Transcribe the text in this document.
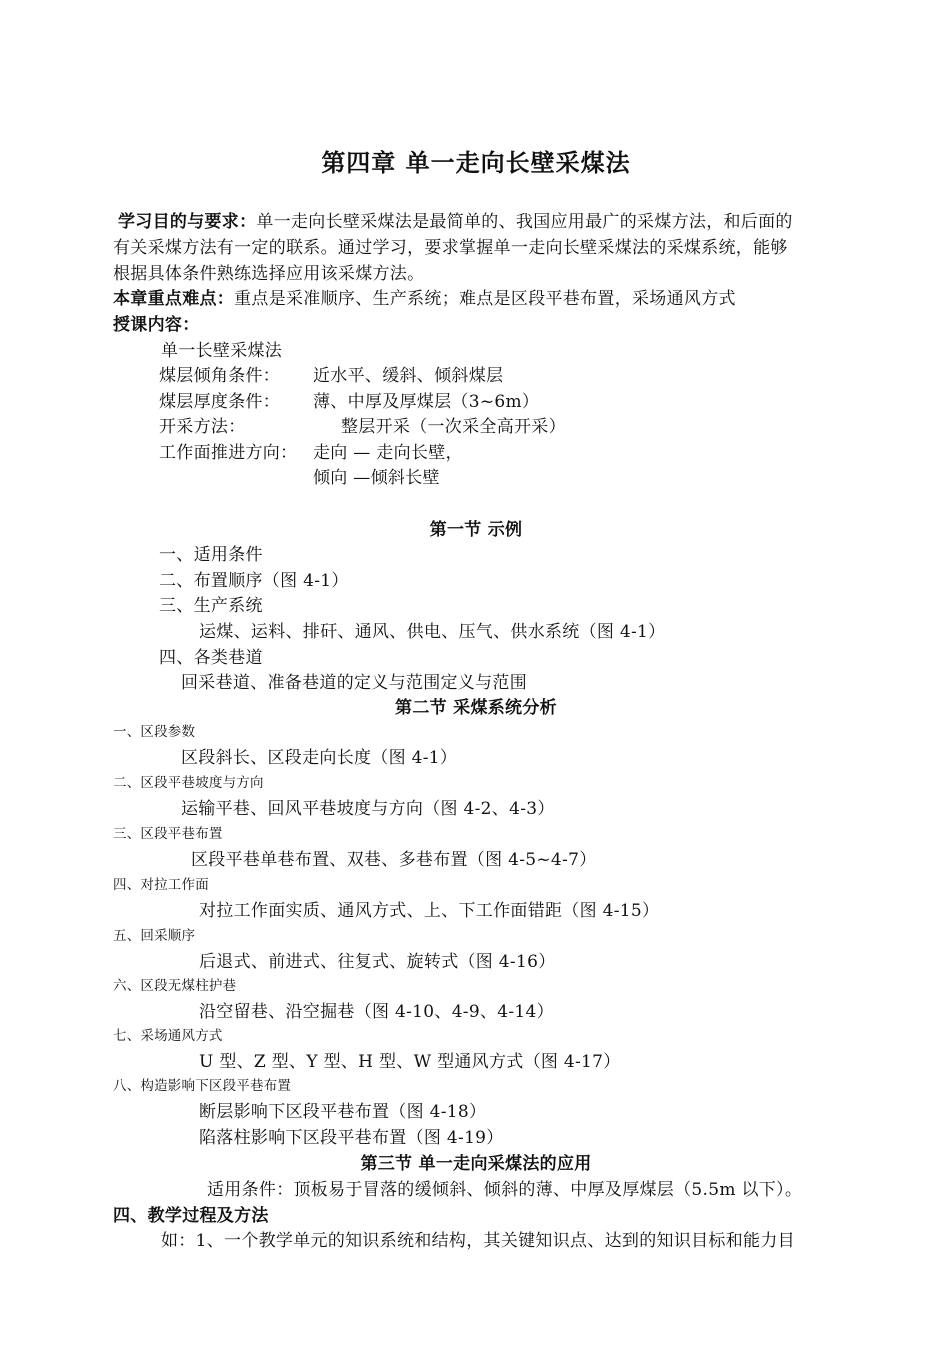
第四章 单一走向长壁采煤法
学习目的与要求：单一走向长壁采煤法是最简单的、我国应用最广的采煤方法，和后面的
有关采煤方法有一定的联系。通过学习，要求掌握单一走向长壁采煤法的采煤系统，能够
根据具体条件熟练选择应用该采煤方法。
本章重点难点：重点是采准顺序、生产系统；难点是区段平巷布置，采场通风方式
授课内容：
单一长壁采煤法
煤层倾角条件： 近水平、缓斜、倾斜煤层
煤层厚度条件： 薄、中厚及厚煤层（3~6m）
开采方法：	整层开采（一次采全高开采）
工作面推进方向： 走向 — 走向长壁，
倾向 —倾斜长壁
第一节 示例
一、适用条件
二、布置顺序（图 4-1）
三、生产系统
运煤、运料、排矸、通风、供电、压气、供水系统（图 4-1）
四、各类巷道
回采巷道、准备巷道的定义与范围定义与范围
第二节 采煤系统分析
一、区段参数
区段斜长、区段走向长度（图 4-1）
二、区段平巷坡度与方向
运输平巷、回风平巷坡度与方向（图 4-2、4-3）
三、区段平巷布置
区段平巷单巷布置、双巷、多巷布置（图 4-5~4-7）
四、对拉工作面
对拉工作面实质、通风方式、上、下工作面错距（图 4-15）
五、回采顺序
后退式、前进式、往复式、旋转式（图 4-16）
六、区段无煤柱护巷
沿空留巷、沿空掘巷（图 4-10、4-9、4-14）
七、采场通风方式
U 型、Z 型、Y 型、H 型、W 型通风方式（图 4-17）
八、构造影响下区段平巷布置
断层影响下区段平巷布置（图 4-18）
陷落柱影响下区段平巷布置（图 4-19）
第三节 单一走向采煤法的应用
适用条件：顶板易于冒落的缓倾斜、倾斜的薄、中厚及厚煤层（5.5m 以下）。
四、教学过程及方法
如：1、一个教学单元的知识系统和结构，其关键知识点、达到的知识目标和能力目
